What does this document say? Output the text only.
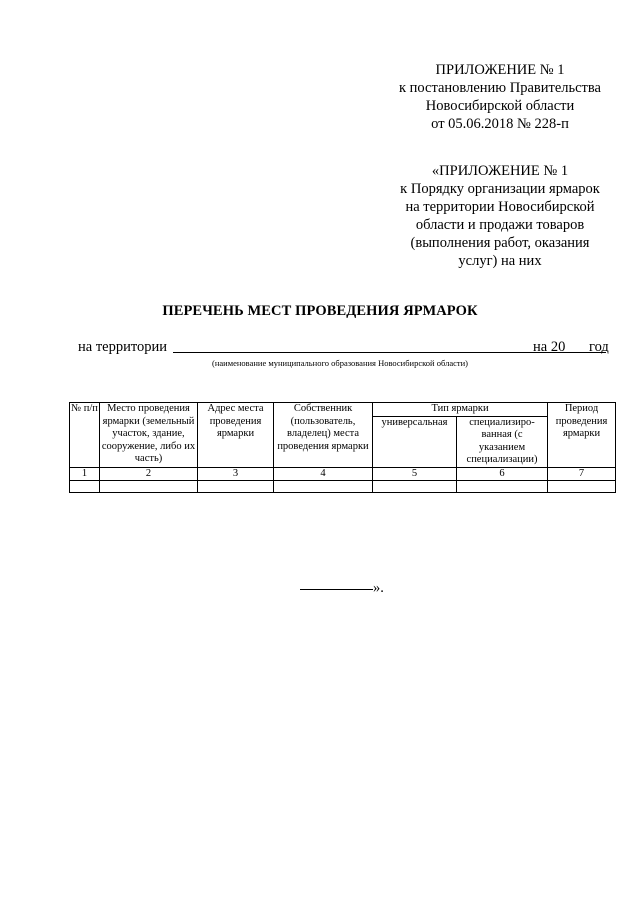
ПРИЛОЖЕНИЕ № 1
к постановлению Правительства
Новосибирской области
от 05.06.2018 № 228-п
«ПРИЛОЖЕНИЕ № 1
к Порядку организации ярмарок
на территории Новосибирской
области и продажи товаров
(выполнения работ, оказания
услуг) на них
ПЕРЕЧЕНЬ МЕСТ ПРОВЕДЕНИЯ ЯРМАРОК
на территории	на 20 год
(наименование муниципального образования Новосибирской области)
№ п/п	Место проведения ярмарки (земельный участок, здание, сооружение, либо их часть)	Адрес места проведения ярмарки	Собственник (пользователь, владелец) места проведения ярмарки	Тип ярмарки		Период проведения ярмарки
				универсальная	специализиро-ванная (с указанием специализации)	
1	2	3	4	5	6	7

».
